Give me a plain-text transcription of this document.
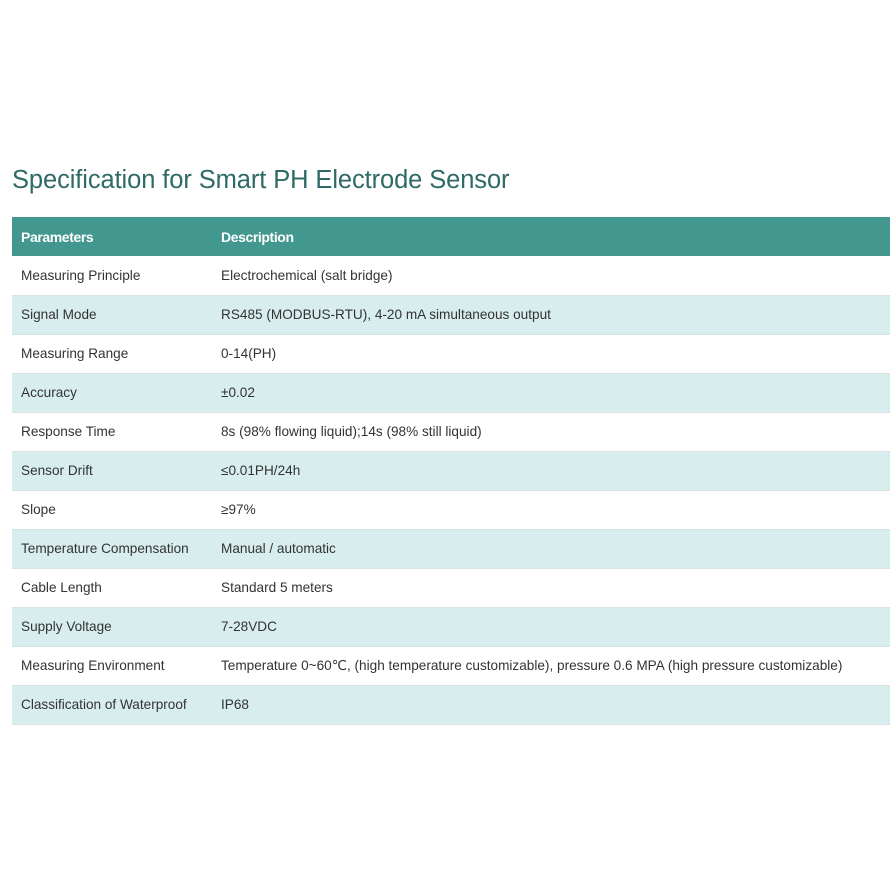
Specification for Smart PH Electrode Sensor
Parameters	Description
Measuring Principle	Electrochemical (salt bridge)
Signal Mode	RS485 (MODBUS-RTU), 4-20 mA simultaneous output
Measuring Range	0-14(PH)
Accuracy	±0.02
Response Time	8s (98% flowing liquid);14s (98% still liquid)
Sensor Drift	≤0.01PH/24h
Slope	≥97%
Temperature Compensation	Manual / automatic
Cable Length	Standard 5 meters
Supply Voltage	7-28VDC
Measuring Environment	Temperature 0~60℃, (high temperature customizable), pressure 0.6 MPA (high pressure customizable)
Classification of Waterproof	IP68
